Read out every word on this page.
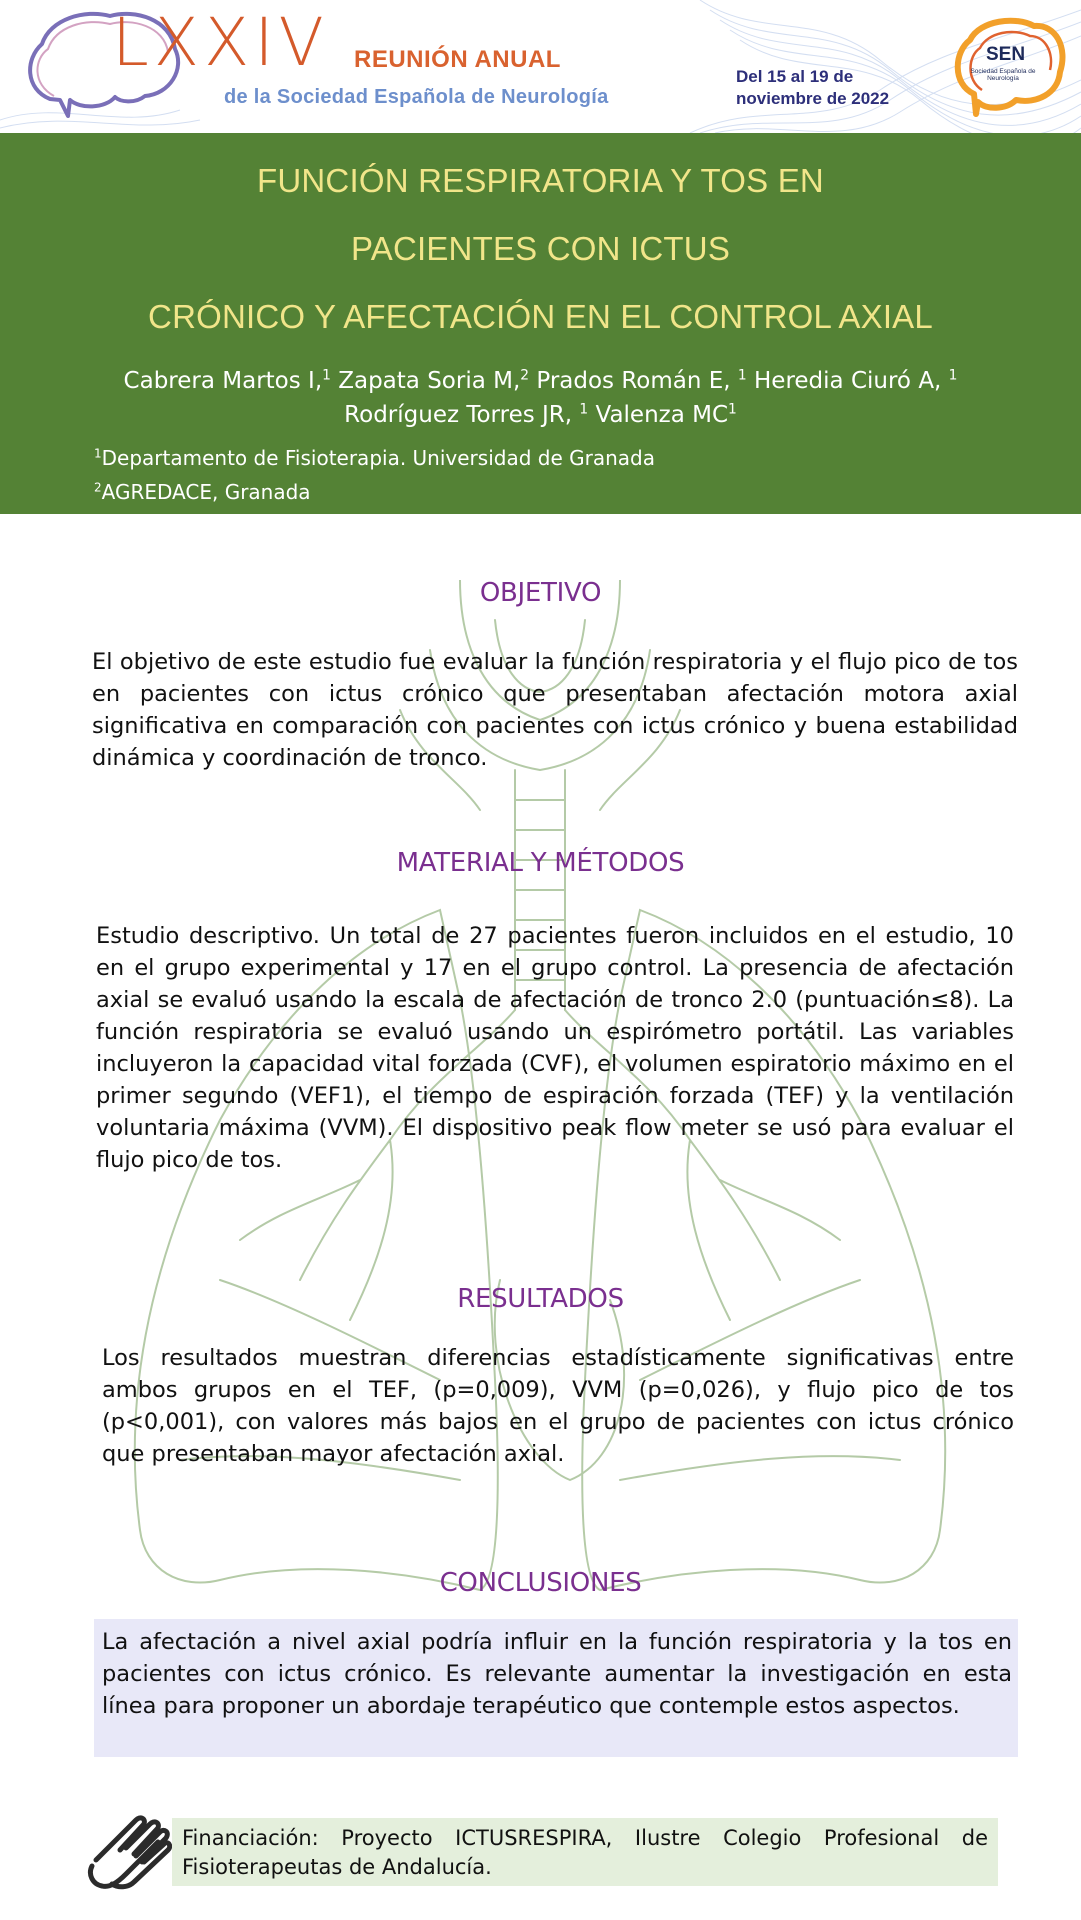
LXXIV REUNIÓN ANUAL
de la Sociedad Española de Neurología
Del 15 al 19 de
noviembre de 2022
SEN
Sociedad Española de Neurología
FUNCIÓN RESPIRATORIA Y TOS EN
PACIENTES CON ICTUS
CRÓNICO Y AFECTACIÓN EN EL CONTROL AXIAL
Cabrera Martos I,$^1$ Zapata Soria M,$^2$ Prados Román E, $^1$ Heredia Ciuró A, $^1$
Rodríguez Torres JR, $^1$ Valenza $MC^1$
$^1$Departamento de Fisioterapia. Universidad de Granada
$^2$AGREDACE, Granada
OBJETIVO
El objetivo de este estudio fue evaluar la función respiratoria y el flujo pico de tos en pacientes con ictus crónico que presentaban afectación motora axial significativa en comparación con pacientes con ictus crónico y buena estabilidad dinámica y coordinación de tronco.
MATERIAL Y MÉTODOS
Estudio descriptivo. Un total de 27 pacientes fueron incluidos en el estudio, 10 en el grupo experimental y 17 en el grupo control. La presencia de afectación axial se evaluó usando la escala de afectación de tronco 2.0 (puntuación≤8). La función respiratoria se evaluó usando un espirómetro portátil. Las variables incluyeron la capacidad vital forzada (CVF), el volumen espiratorio máximo en el primer segundo (VEF1), el tiempo de espiración forzada (TEF) y la ventilación voluntaria máxima (VVM). El dispositivo peak flow meter se usó para evaluar el flujo pico de tos.
RESULTADOS
Los resultados muestran diferencias estadísticamente significativas entre ambos grupos en el TEF, (p=0,009), VVM (p=0,026), y flujo pico de tos (p<0,001), con valores más bajos en el grupo de pacientes con ictus crónico que presentaban mayor afectación axial.
CONCLUSIONES
La afectación a nivel axial podría influir en la función respiratoria y la tos en pacientes con ictus crónico. Es relevante aumentar la investigación en esta línea para proponer un abordaje terapéutico que contemple estos aspectos.
Financiación: Proyecto ICTUSRESPIRA, Ilustre Colegio Profesional de Fisioterapeutas de Andalucía.
